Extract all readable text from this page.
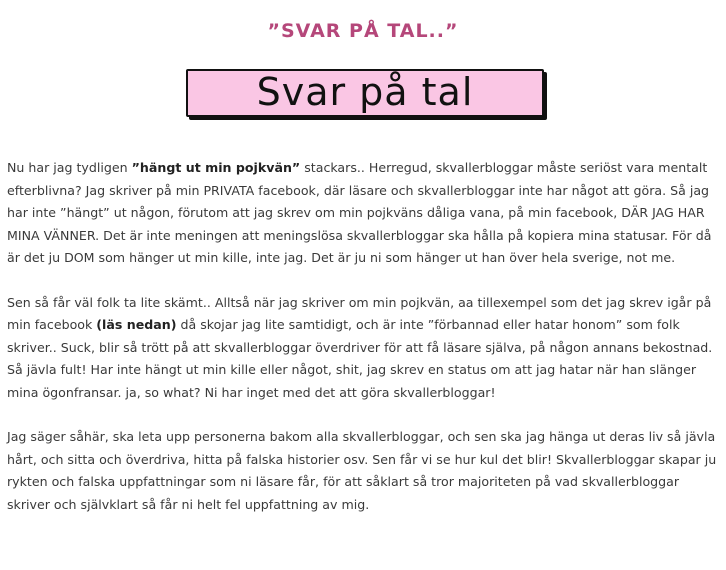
”SVAR PÅ TAL..”
Svar på tal

Nu har jag tydligen ”hängt ut min pojkvän” stackars.. Herregud, skvallerbloggar måste seriöst vara mentalt efterblivna? Jag skriver på min PRIVATA facebook, där läsare och skvallerbloggar inte har något att göra. Så jag har inte ”hängt” ut någon, förutom att jag skrev om min pojkväns dåliga vana, på min facebook, DÄR JAG HAR MINA VÄNNER. Det är inte meningen att meningslösa skvallerbloggar ska hålla på kopiera mina statusar. För då är det ju DOM som hänger ut min kille, inte jag. Det är ju ni som hänger ut han över hela sverige, not me.

Sen så får väl folk ta lite skämt.. Alltså när jag skriver om min pojkvän, aa tillexempel som det jag skrev igår på min facebook (läs nedan) då skojar jag lite samtidigt, och är inte ”förbannad eller hatar honom” som folk skriver.. Suck, blir så trött på att skvallerbloggar överdriver för att få läsare själva, på någon annans bekostnad. Så jävla fult! Har inte hängt ut min kille eller något, shit, jag skrev en status om att jag hatar när han slänger mina ögonfransar. ja, so what? Ni har inget med det att göra skvallerbloggar!

Jag säger såhär, ska leta upp personerna bakom alla skvallerbloggar, och sen ska jag hänga ut deras liv så jävla hårt, och sitta och överdriva, hitta på falska historier osv. Sen får vi se hur kul det blir! Skvallerbloggar skapar ju rykten och falska uppfattningar som ni läsare får, för att såklart så tror majoriteten på vad skvallerbloggar skriver och självklart så får ni helt fel uppfattning av mig.
